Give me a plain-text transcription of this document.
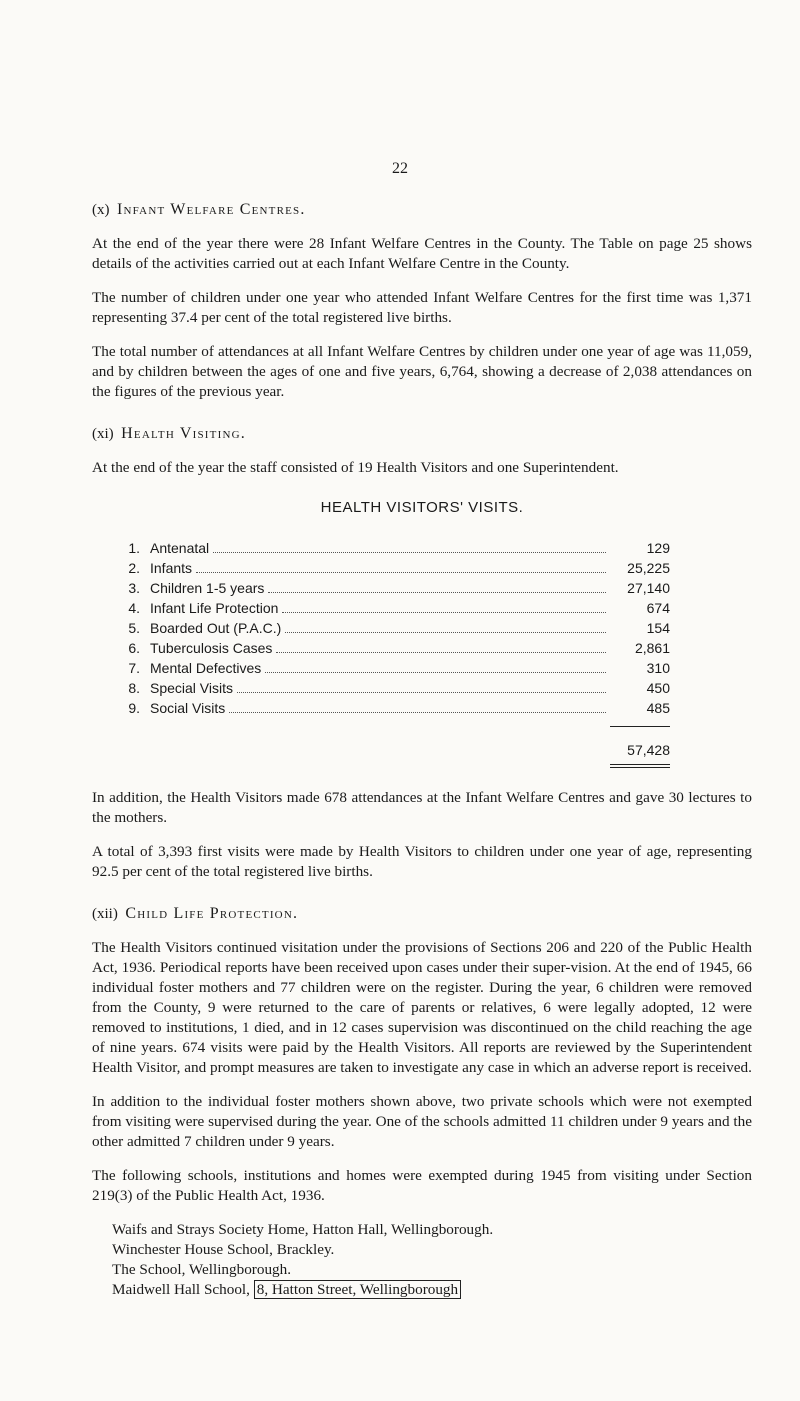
22
(x) Infant Welfare Centres.

At the end of the year there were 28 Infant Welfare Centres in the County. The Table on page 25 shows details of the activities carried out at each Infant Welfare Centre in the County.

The number of children under one year who attended Infant Welfare Centres for the first time was 1,371 representing 37.4 per cent of the total registered live births.

The total number of attendances at all Infant Welfare Centres by children under one year of age was 11,059, and by children between the ages of one and five years, 6,764, showing a decrease of 2,038 attendances on the figures of the previous year.

(xi) Health Visiting.

At the end of the year the staff consisted of 19 Health Visitors and one Superintendent.

HEALTH VISITORS' VISITS.
1. Antenatal	129
2. Infants	25,225
3. Children 1-5 years	27,140
4. Infant Life Protection	674
5. Boarded Out (P.A.C.)	154
6. Tuberculosis Cases	2,861
7. Mental Defectives	310
8. Special Visits	450
9. Social Visits	485
57,428

In addition, the Health Visitors made 678 attendances at the Infant Welfare Centres and gave 30 lectures to the mothers.

A total of 3,393 first visits were made by Health Visitors to children under one year of age, representing 92.5 per cent of the total registered live births.

(xii) Child Life Protection.

The Health Visitors continued visitation under the provisions of Sections 206 and 220 of the Public Health Act, 1936. Periodical reports have been received upon cases under their super-vision. At the end of 1945, 66 individual foster mothers and 77 children were on the register. During the year, 6 children were removed from the County, 9 were returned to the care of parents or relatives, 6 were legally adopted, 12 were removed to institutions, 1 died, and in 12 cases supervision was discontinued on the child reaching the age of nine years. 674 visits were paid by the Health Visitors. All reports are reviewed by the Superintendent Health Visitor, and prompt measures are taken to investigate any case in which an adverse report is received.

In addition to the individual foster mothers shown above, two private schools which were not exempted from visiting were supervised during the year. One of the schools admitted 11 children under 9 years and the other admitted 7 children under 9 years.

The following schools, institutions and homes were exempted during 1945 from visiting under Section 219(3) of the Public Health Act, 1936.

Waifs and Strays Society Home, Hatton Hall, Wellingborough.
Winchester House School, Brackley.
The School, Wellingborough.
Maidwell Hall School, 8, Hatton Street, Wellingborough
